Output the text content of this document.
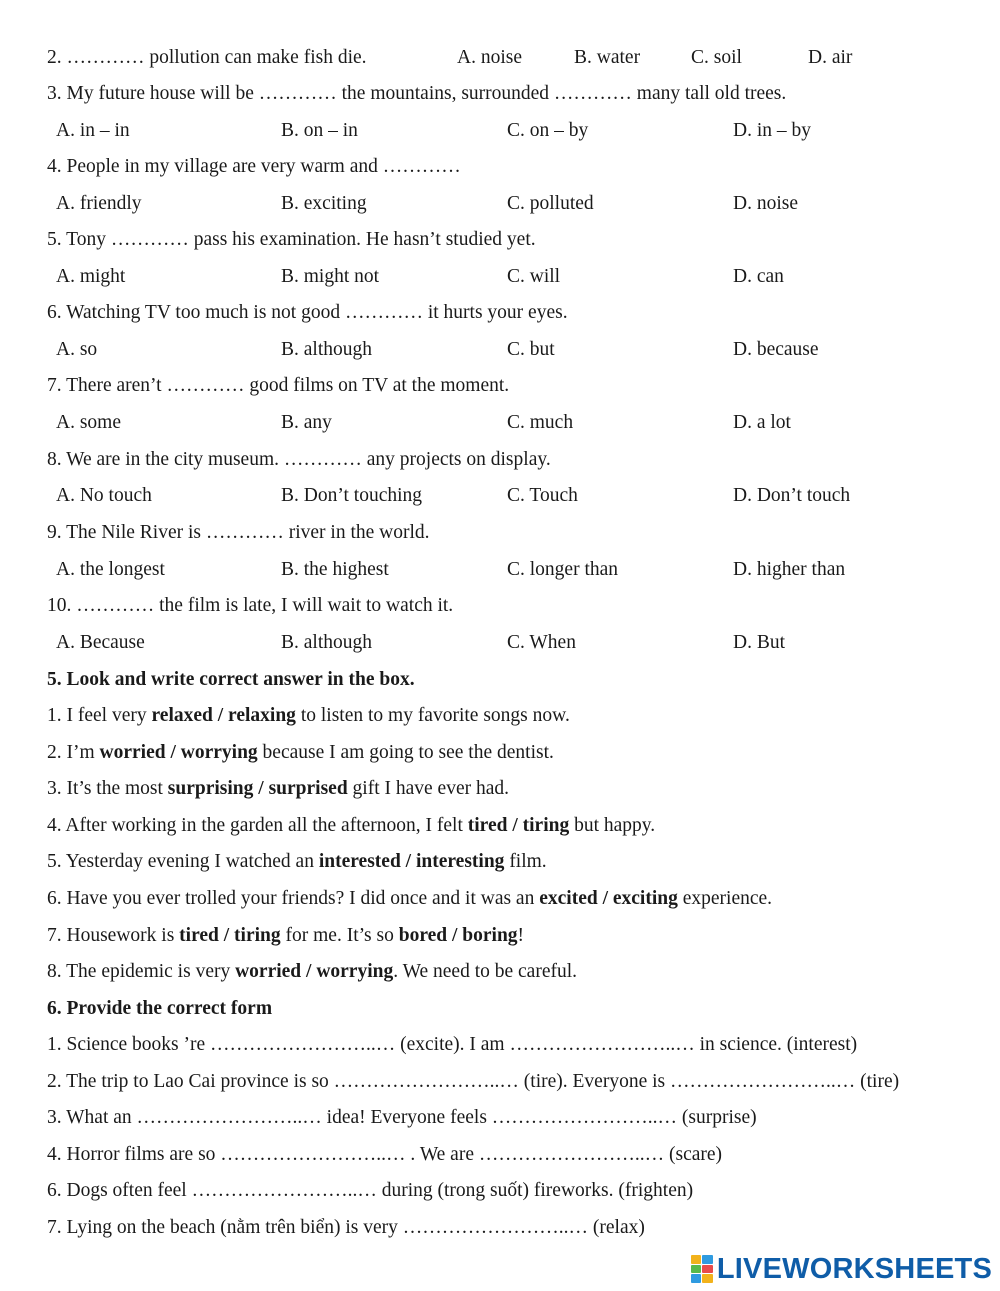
2. ………… pollution can make fish die.	A. noise	B. water	C. soil	D. air
3. My future house will be ………… the mountains, surrounded ………… many tall old trees.
A. in – in	B. on – in	C. on – by	D. in – by
4. People in my village are very warm and …………
A. friendly	B. exciting	C. polluted	D. noise
5. Tony ………… pass his examination. He hasn’t studied yet.
A. might	B. might not	C. will	D. can
6. Watching TV too much is not good ………… it hurts your eyes.
A. so	B. although	C. but	D. because
7. There aren’t ………… good films on TV at the moment.
A. some	B. any	C. much	D. a lot
8. We are in the city museum. ………… any projects on display.
A. No touch	B. Don’t touching	C. Touch	D. Don’t touch
9. The Nile River is ………… river in the world.
A. the longest	B. the highest	C. longer than	D. higher than
10. ………… the film is late, I will wait to watch it.
A. Because	B. although	C. When	D. But
5. Look and write correct answer in the box.
1. I feel very relaxed / relaxing to listen to my favorite songs now.
2. I’m worried / worrying because I am going to see the dentist.
3. It’s the most surprising / surprised gift I have ever had.
4. After working in the garden all the afternoon, I felt tired / tiring but happy.
5. Yesterday evening I watched an interested / interesting film.
6. Have you ever trolled your friends? I did once and it was an excited / exciting experience.
7. Housework is tired / tiring for me. It’s so bored / boring!
8. The epidemic is very worried / worrying. We need to be careful.
6. Provide the correct form
1. Science books ’re ……………………..… (excite). I am ……………………..… in science. (interest)
2. The trip to Lao Cai province is so ……………………..… (tire). Everyone is ……………………..… (tire)
3. What an ……………………..… idea! Everyone feels ……………………..… (surprise)
4. Horror films are so ……………………..… . We are ……………………..… (scare)
6. Dogs often feel ……………………..… during (trong suốt) fireworks. (frighten)
7. Lying on the beach (nằm trên biển) is very ……………………..… (relax)
LIVEWORKSHEETS
